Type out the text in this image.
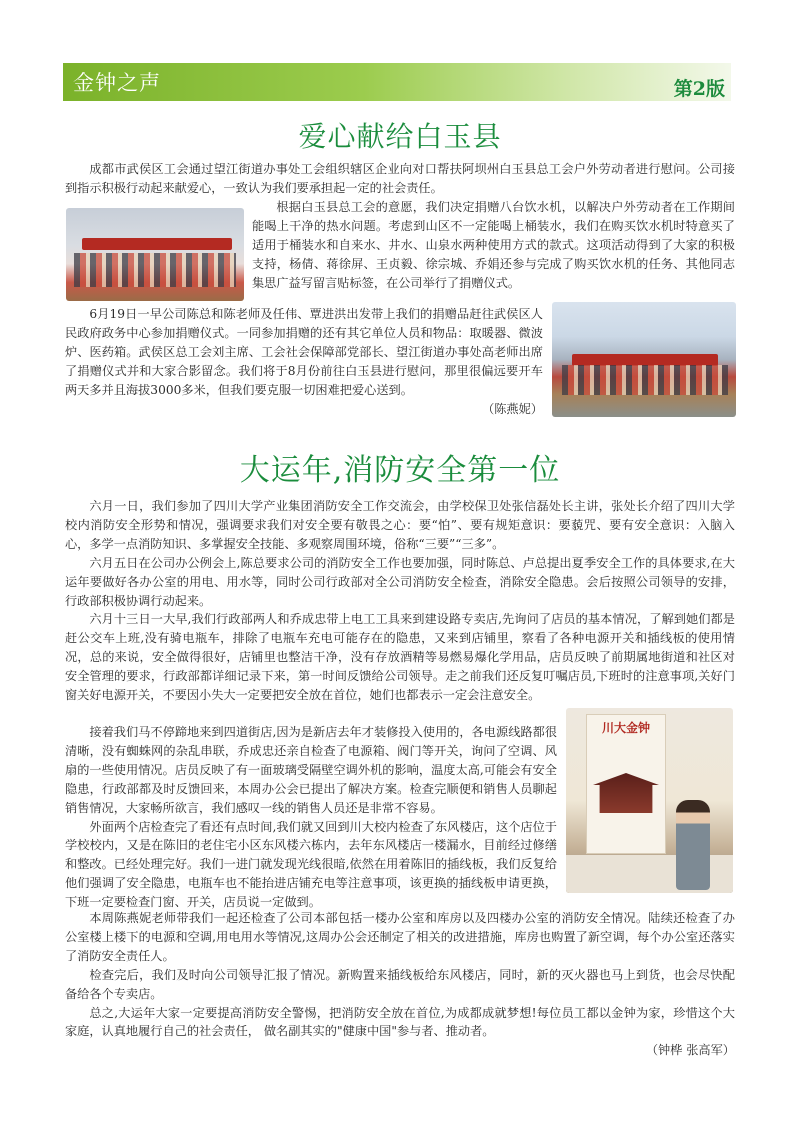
金钟之声	第2版
爱心献给白玉县

成都市武侯区工会通过望江街道办事处工会组织辖区企业向对口帮扶阿坝州白玉县总工会户外劳动者进行慰问。公司接到指示积极行动起来献爱心，一致认为我们要承担起一定的社会责任。

根据白玉县总工会的意愿，我们决定捐赠八台饮水机，以解决户外劳动者在工作期间能喝上干净的热水问题。考虑到山区不一定能喝上桶装水，我们在购买饮水机时特意买了适用于桶装水和自来水、井水、山泉水两种使用方式的款式。这项活动得到了大家的积极支持，杨倩、蒋徐屏、王贞毅、徐宗城、乔娟还参与完成了购买饮水机的任务、其他同志集思广益写留言贴标签，在公司举行了捐赠仪式。

6月19日一早公司陈总和陈老师及任伟、覃进洪出发带上我们的捐赠品赶往武侯区人民政府政务中心参加捐赠仪式。一同参加捐赠的还有其它单位人员和物品：取暖器、微波炉、医药箱。武侯区总工会刘主席、工会社会保障部党部长、望江街道办事处高老师出席了捐赠仪式并和大家合影留念。我们将于8月份前往白玉县进行慰问，那里很偏远要开车两天多并且海拔3000多米，但我们要克服一切困难把爱心送到。

（陈燕妮）

大运年,消防安全第一位

六月一日，我们参加了四川大学产业集团消防安全工作交流会，由学校保卫处张信磊处长主讲，张处长介绍了四川大学校内消防安全形势和情况，强调要求我们对安全要有敬畏之心：要“怕”、要有规矩意识：要藐咒、要有安全意识：入脑入心，多学一点消防知识、多掌握安全技能、多观察周围环境，俗称“三要”“三多”。

六月五日在公司办公例会上,陈总要求公司的消防安全工作也要加强，同时陈总、卢总提出夏季安全工作的具体要求,在大运年要做好各办公室的用电、用水等，同时公司行政部对全公司消防安全检查，消除安全隐患。会后按照公司领导的安排，行政部积极协调行动起来。

六月十三日一大早,我们行政部两人和乔成忠带上电工工具来到建设路专卖店,先询问了店员的基本情况，了解到她们都是赶公交车上班,没有骑电瓶车，排除了电瓶车充电可能存在的隐患，又来到店铺里，察看了各种电源开关和插线板的使用情况，总的来说，安全做得很好，店铺里也整洁干净，没有存放酒精等易燃易爆化学用品，店员反映了前期属地街道和社区对安全管理的要求，行政部都详细记录下来，第一时间反馈给公司领导。走之前我们还反复叮嘱店员,下班时的注意事项,关好门窗关好电源开关，不要因小失大一定要把安全放在首位，她们也都表示一定会注意安全。

川大金钟

接着我们马不停蹄地来到四道街店,因为是新店去年才装修投入使用的，各电源线路都很清晰，没有蜘蛛网的杂乱串联，乔成忠还亲自检查了电源箱、阀门等开关，询问了空调、风扇的一些使用情况。店员反映了有一面玻璃受隔壁空调外机的影响，温度太高,可能会有安全隐患，行政部都及时反馈回来，本周办公会已提出了解决方案。检查完顺便和销售人员聊起销售情况，大家畅所欲言，我们感叹一线的销售人员还是非常不容易。

外面两个店检查完了看还有点时间,我们就又回到川大校内检查了东风楼店，这个店位于学校校内，又是在陈旧的老住宅小区东风楼六栋内，去年东风楼店一楼漏水，目前经过修缮和整改。已经处理完好。我们一进门就发现光线很暗,依然在用着陈旧的插线板，我们反复给他们强调了安全隐患，电瓶车也不能抬进店铺充电等注意事项，该更换的插线板申请更换，下班一定要检查门窗、开关，店员说一定做到。

本周陈燕妮老师带我们一起还检查了公司本部包括一楼办公室和库房以及四楼办公室的消防安全情况。陆续还检查了办公室楼上楼下的电源和空调,用电用水等情况,这周办公会还制定了相关的改进措施，库房也购置了新空调，每个办公室还落实了消防安全责任人。

检查完后，我们及时向公司领导汇报了情况。新购置来插线板给东风楼店，同时，新的灭火器也马上到货，也会尽快配备给各个专卖店。

总之,大运年大家一定要提高消防安全警惕，把消防安全放在首位,为成都成就梦想!每位员工都以金钟为家，珍惜这个大家庭，认真地履行自己的社会责任， 做名副其实的"健康中国"参与者、推动者。

（钟桦 张高军）
